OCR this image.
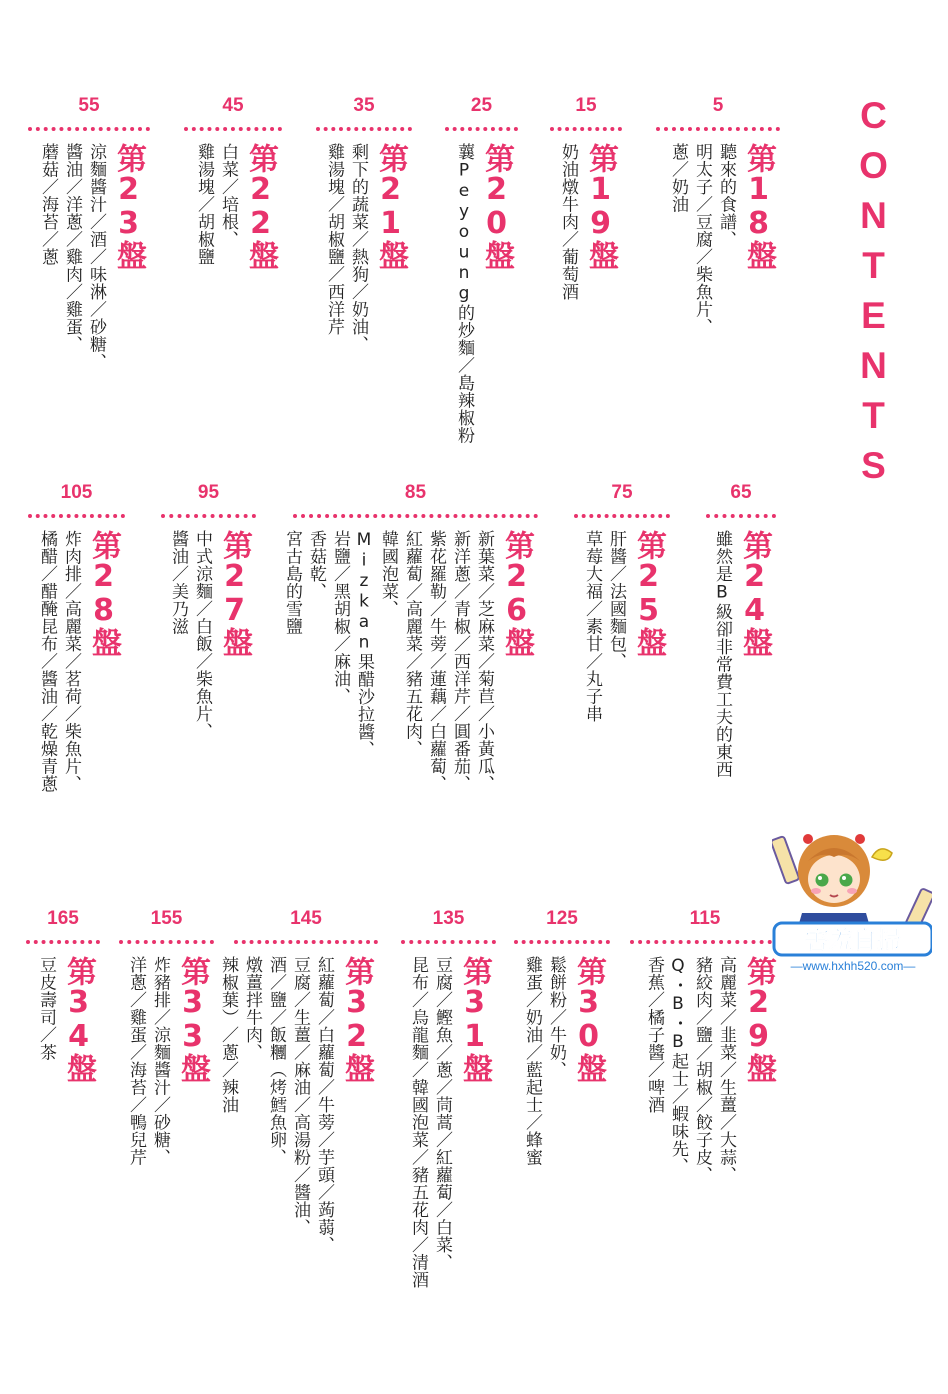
CONTENTS
5
第18盤
聽來的食譜、
明太子／豆腐／柴魚片、
蔥／奶油
15
第19盤
奶油燉牛肉／葡萄酒
25
第20盤
蘘Peyoung的炒麵／島辣椒粉
35
第21盤
剩下的蔬菜／熱狗／奶油、
雞湯塊／胡椒鹽／西洋芹
45
第22盤
白菜／培根、
雞湯塊／胡椒鹽
55
第23盤
涼麵醬汁／酒／味淋／砂糖、
醬油／洋蔥／雞肉／雞蛋、
蘑菇／海苔／蔥
65
第24盤
雖然是B級卻非常費工夫的東西
75
第25盤
肝醬／法國麵包、
草莓大福／素甘／丸子串
85
第26盤
新葉菜／芝麻菜／菊苣／小黃瓜、
新洋蔥／青椒／西洋芹／圓番茄、
紫花羅勒／牛蒡／蓮藕／白蘿蔔、
紅蘿蔔／高麗菜／豬五花肉、
韓國泡菜、
Mizkan果醋沙拉醬、
岩鹽／黑胡椒／麻油、
香菇乾、
宮古島的雪鹽
95
第27盤
中式涼麵／白飯／柴魚片、
醬油／美乃滋
105
第28盤
炸肉排／高麗菜／茗荷／柴魚片、
橘醋／醋醃昆布／醬油／乾燥青蔥
115
第29盤
高麗菜／韭菜／生薑／大蒜、
豬絞肉／鹽／胡椒／餃子皮、
Q・B・B起士／蝦味先、
香蕉／橘子醬／啤酒
125
第30盤
鬆餅粉／牛奶、
雞蛋／奶油／藍起士／蜂蜜
135
第31盤
豆腐／鰹魚／蔥／茼蒿／紅蘿蔔／白菜、
昆布／烏龍麵／韓國泡菜／豬五花肉／清酒
145
第32盤
紅蘿蔔／白蘿蔔／牛蒡／芋頭／蒟蒻、
豆腐／生薑／麻油／高湯粉／醬油、
酒／鹽／飯糰（烤鱈魚卵、
燉薑拌牛肉、
辣椒葉）／蔥／辣油
155
第33盤
炸豬排／涼麵醬汁／砂糖、
洋蔥／雞蛋／海苔／鴨兒芹
165
第34盤
豆皮壽司／茶
害羞自掃
—www.hxhh520.com—
